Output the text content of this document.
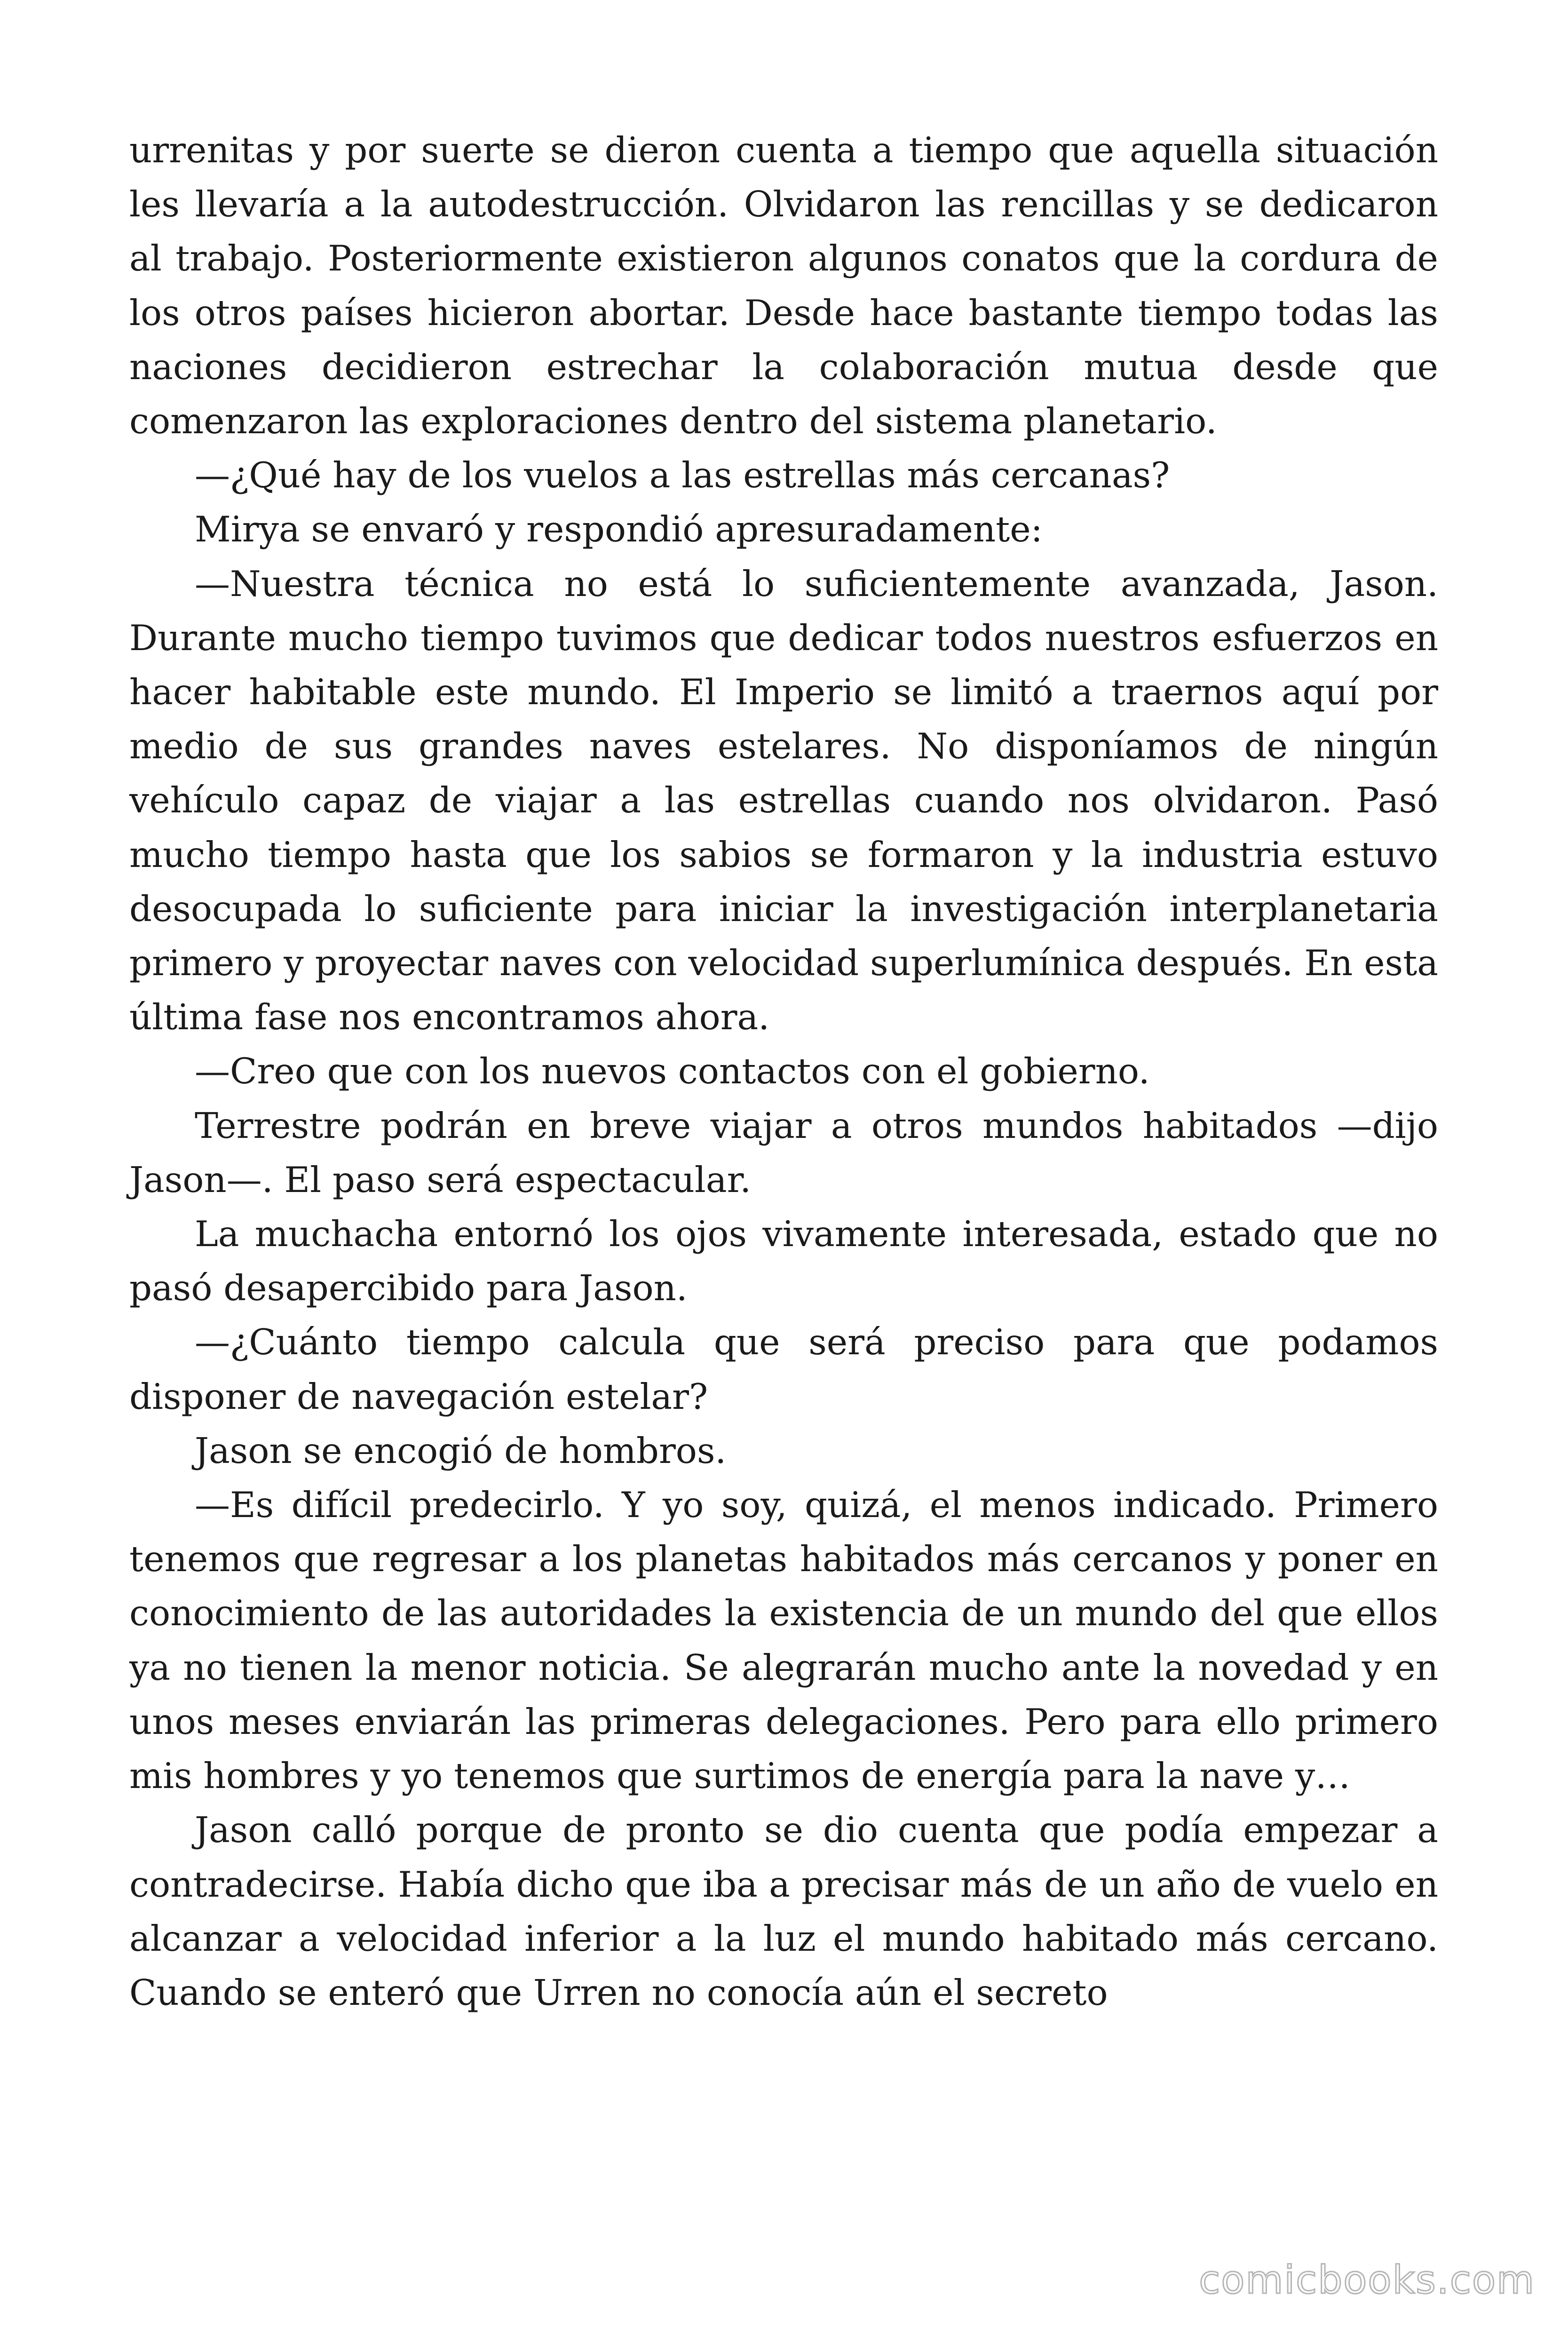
urrenitas y por suerte se dieron cuenta a tiempo que aquella situación les llevaría a la autodestrucción. Olvidaron las rencillas y se dedicaron al trabajo. Posteriormente existieron algunos conatos que la cordura de los otros países hicieron abortar. Desde hace bastante tiempo todas las naciones decidieron estrechar la colaboración mutua desde que comenzaron las exploraciones dentro del sistema planetario.

—¿Qué hay de los vuelos a las estrellas más cercanas?

Mirya se envaró y respondió apresuradamente:

—Nuestra técnica no está lo suficientemente avanzada, Jason. Durante mucho tiempo tuvimos que dedicar todos nuestros esfuerzos en hacer habitable este mundo. El Imperio se limitó a traernos aquí por medio de sus grandes naves estelares. No disponíamos de ningún vehículo capaz de viajar a las estrellas cuando nos olvidaron. Pasó mucho tiempo hasta que los sabios se formaron y la industria estuvo desocupada lo suficiente para iniciar la investigación interplanetaria primero y proyectar naves con velocidad superlumínica después. En esta última fase nos encontramos ahora.

—Creo que con los nuevos contactos con el gobierno.

Terrestre podrán en breve viajar a otros mundos habitados —dijo Jason—. El paso será espectacular.

La muchacha entornó los ojos vivamente interesada, estado que no pasó desapercibido para Jason.

—¿Cuánto tiempo calcula que será preciso para que podamos disponer de navegación estelar?

Jason se encogió de hombros.

—Es difícil predecirlo. Y yo soy, quizá, el menos indicado. Primero tenemos que regresar a los planetas habitados más cercanos y poner en conocimiento de las autoridades la existencia de un mundo del que ellos ya no tienen la menor noticia. Se alegrarán mucho ante la novedad y en unos meses enviarán las primeras delegaciones. Pero para ello primero mis hombres y yo tenemos que surtimos de energía para la nave y…

Jason calló porque de pronto se dio cuenta que podía empezar a contradecirse. Había dicho que iba a precisar más de un año de vuelo en alcanzar a velocidad inferior a la luz el mundo habitado más cercano. Cuando se enteró que Urren no conocía aún el secreto

comicbooks.com
